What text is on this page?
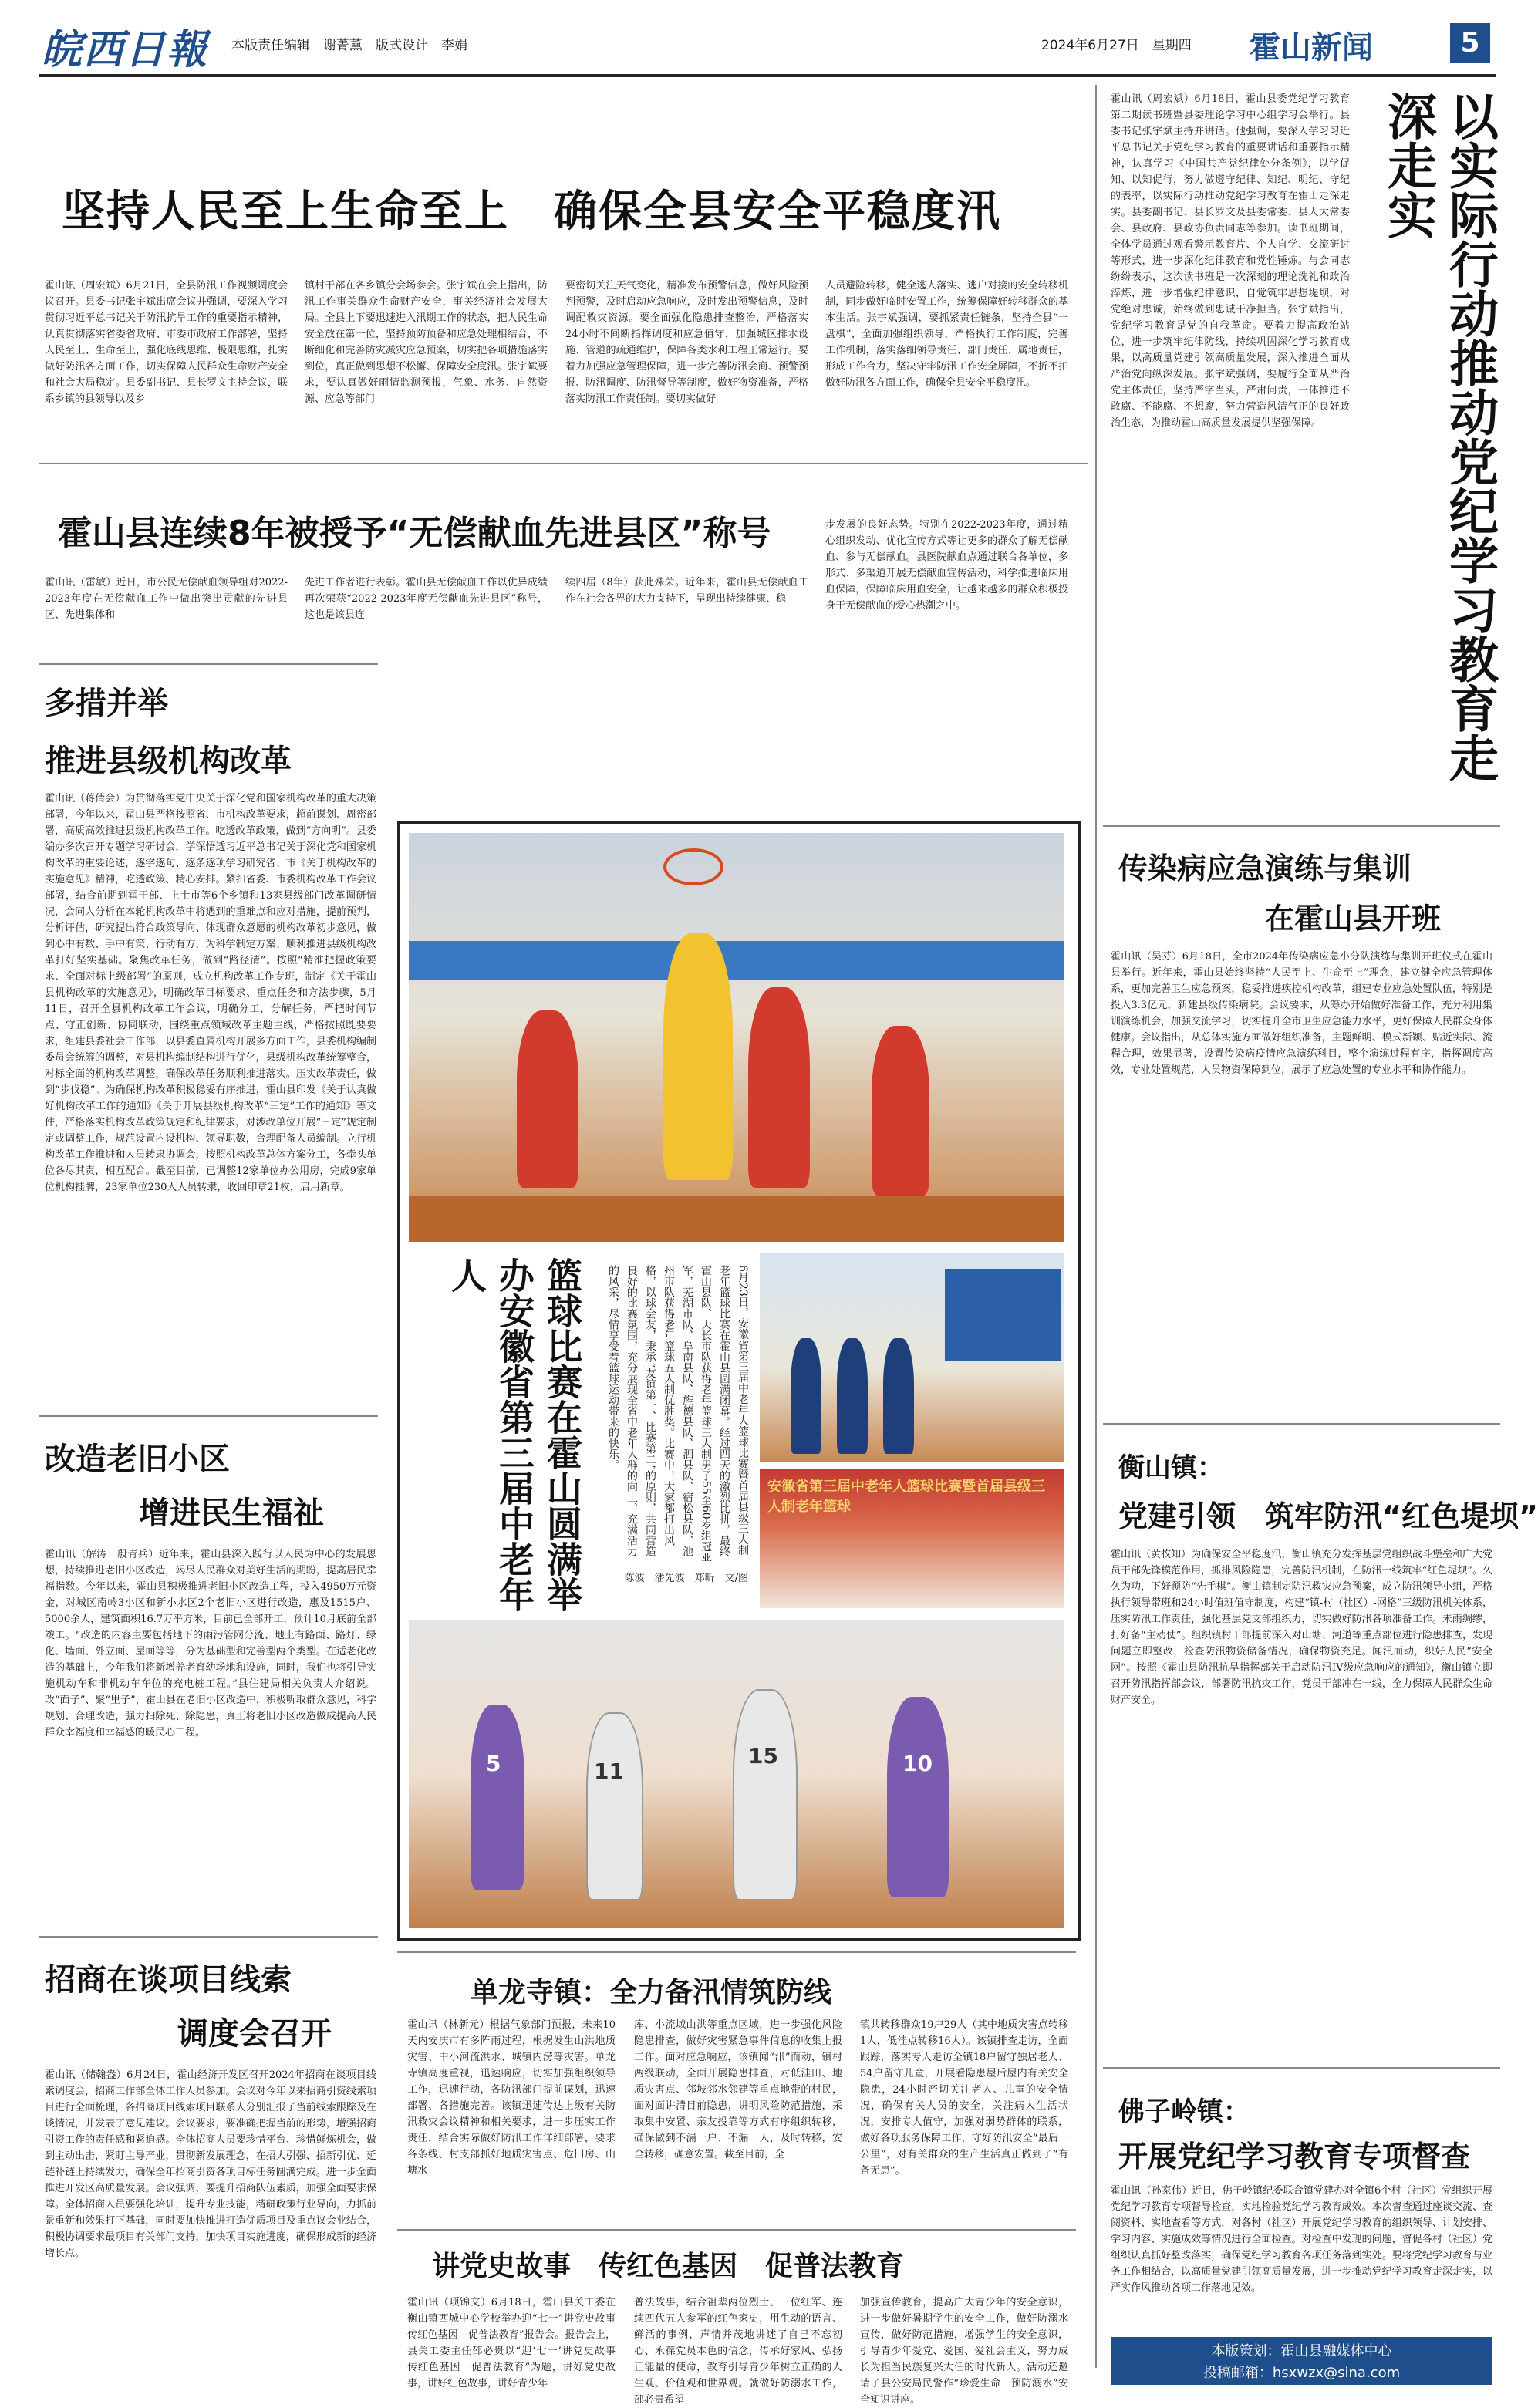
皖西日報 本版责任编辑　谢菁薰　版式设计　李娟	2024年6月27日　星期四 霍山新闻	5
坚持人民至上生命至上　确保全县安全平稳度汛
霍山讯（周宏斌）6月21日，全县防汛工作视频调度会议召开。县委书记张宇斌出席会议并强调，要深入学习贯彻习近平总书记关于防汛抗旱工作的重要指示精神，认真贯彻落实省委省政府、市委市政府工作部署，坚持人民至上、生命至上，强化底线思维、极限思维，扎实做好防汛各方面工作，切实保障人民群众生命财产安全和社会大局稳定。县委副书记、县长罗文主持会议，联系乡镇的县领导以及乡
镇村干部在各乡镇分会场参会。张宇斌在会上指出，防汛工作事关群众生命财产安全，事关经济社会发展大局。全县上下要迅速进入汛期工作的状态，把人民生命安全放在第一位，坚持预防预备和应急处理相结合，不断细化和完善防灾减灾应急预案，切实把各项措施落实到位，真正做到思想不松懈、保障安全度汛。张宇斌要求，要认真做好雨情监测预报，气象、水务、自然资源、应急等部门
要密切关注天气变化，精准发布预警信息，做好风险预判预警，及时启动应急响应，及时发出预警信息，及时调配救灾资源。要全面强化隐患排查整治，严格落实24小时不间断指挥调度和应急值守，加强城区排水设施、管道的疏通维护，保障各类水利工程正常运行。要着力加强应急管理保障，进一步完善防汛会商、预警预报、防汛调度、防汛督导等制度，做好物资准备，严格落实防汛工作责任制。要切实做好
人员避险转移，健全逃人落实、逃户对接的安全转移机制，同步做好临时安置工作，统筹保障好转移群众的基本生活。张宇斌强调，要抓紧责任链条，坚持全县“一盘棋”，全面加强组织领导，严格执行工作制度，完善工作机制，落实落细领导责任、部门责任、属地责任，形成工作合力，坚决守牢防汛工作安全屏障，不折不扣做好防汛各方面工作，确保全县安全平稳度汛。
霍山县连续8年被授予“无偿献血先进县区”称号
霍山讯（雷敏）近日，市公民无偿献血领导组对2022-2023年度在无偿献血工作中做出突出贡献的先进县区、先进集体和
先进工作者进行表彰。霍山县无偿献血工作以优异成绩再次荣获“2022-2023年度无偿献血先进县区”称号，这也是该县连
续四届（8年）获此殊荣。近年来，霍山县无偿献血工作在社会各界的大力支持下，呈现出持续健康、稳
步发展的良好态势。特别在2022-2023年度，通过精心组织发动、优化宣传方式等让更多的群众了解无偿献血、参与无偿献血。县医院献血点通过联合各单位，多形式、多渠道开展无偿献血宣传活动，科学推进临床用血保障，保障临床用血安全，让越来越多的群众积极投身于无偿献血的爱心热潮之中。
多措并举
推进县级机构改革
霍山讯（蒋倩会）为贯彻落实党中央关于深化党和国家机构改革的重大决策部署，今年以来，霍山县严格按照省、市机构改革要求，超前谋划、周密部署，高质高效推进县级机构改革工作。吃透改革政策，做到“方向明”。县委编办多次召开专题学习研讨会，学深悟透习近平总书记关于深化党和国家机构改革的重要论述，逐字逐句、逐条逐项学习研究省、市《关于机构改革的实施意见》精神，吃透政策、精心安排。紧扣省委、市委机构改革工作会议部署，结合前期到霍干部、上士市等6个乡镇和13家县级部门改革调研情况，会同人分析在本轮机构改革中将遇到的重难点和应对措施，提前预判，分析评估，研究提出符合政策导向、体现群众意愿的机构改革初步意见，做到心中有数、手中有策、行动有方，为科学制定方案、顺利推进县级机构改革打好坚实基础。聚焦改革任务，做到“路径清”。按照“精准把握政策要求、全面对标上级部署”的原则，成立机构改革工作专班，制定《关于霍山县机构改革的实施意见》，明确改革目标要求、重点任务和方法步骤，5月11日，召开全县机构改革工作会议，明确分工，分解任务，严把时间节点、守正创新、协同联动，围绕重点领域改革主题主线，严格按照既要要求，组建县委社会工作部，以县委直属机构开展多方面工作，县委机构编制委员会统筹的调整，对县机构编制结构进行优化，县级机构改革统筹整合，对标全面的机构改革调整，确保改革任务顺利推进落实。压实改革责任，做到“步伐稳”。为确保机构改革积极稳妥有序推进，霍山县印发《关于认真做好机构改革工作的通知》《关于开展县级机构改革“三定”工作的通知》等文件，严格落实机构改革政策规定和纪律要求，对涉改单位开展“三定”规定制定或调整工作，规范设置内设机构、领导职数，合理配备人员编制。立行机构改革工作推进和人员转隶协调会，按照机构改革总体方案分工，各牵头单位各尽其责，相互配合。截至目前，已调整12家单位办公用房，完成9家单位机构挂牌，23家单位230人人员转隶，收回印章21枚，启用新章。
改造老旧小区
增进民生福祉
霍山讯（解涛　殷青兵）近年来，霍山县深入践行以人民为中心的发展思想，持续推进老旧小区改造，竭尽人民群众对美好生活的期盼，提高居民幸福指数。今年以来，霍山县积极推进老旧小区改造工程，投入4950万元资金，对城区南岭3小区和新小水区2个老旧小区进行改造，惠及1515户、5000余人，建筑面积16.7万平方米，目前已全部开工，预计10月底前全部竣工。“改造的内容主要包括地下的雨污管网分流、地上有路面、路灯、绿化、墙面、外立面、屋面等等，分为基础型和完善型两个类型。在适老化改造的基础上，今年我们将新增养老育幼场地和设施，同时，我们也将引导实施机动车和非机动车车位的充电桩工程。”县住建局相关负责人介绍说。改“面子”、聚“里子”，霍山县在老旧小区改造中，积极听取群众意见，科学规划、合理改造，强力扫除死、除隐患，真正将老旧小区改造做成提高人民群众幸福度和幸福感的暖民心工程。
招商在谈项目线索
调度会召开
霍山讯（储翰盎）6月24日，霍山经济开发区召开2024年招商在谈项目线索调度会，招商工作部全体工作人员参加。会议对今年以来招商引资线索项目进行全面梳理，各招商项目线索项目联系人分别汇报了当前线索跟踪及在谈情况，并发表了意见建议。会议要求，要准确把握当前的形势，增强招商引资工作的责任感和紧迫感。全体招商人员要珍惜平台、珍惜鲜炼机会，做到主动出击，紧盯主导产业，贯彻新发展理念，在招大引强、招新引优、延链补链上持续发力，确保全年招商引资各项目标任务圆满完成。进一步全面推进开发区高质量发展。会议强调，要提升招商队伍素质，加强全面要求保障。全体招商人员要强化培训，提升专业技能，精研政策行业导向，力抓前景重新和效果打下基础，同时要加快推进打造优质项目及重点议会业结合，积极协调要求最项目有关部门支持，加快项目实施进度，确保形成新的经济增长点。
篮球比赛在霍山圆满举办安徽省第三届中老年人	6月23日，安徽省第三届中老年人篮球比赛暨首届县级三人制老年篮球比赛在霍山县圆满闭幕。经过四天的激烈比拼，最终霍山县队、天长市队获得老年篮球三人制男子55至60岁组冠亚军，芜湖市队、阜南县队、旌德县队、泗县队、宿松县队、池州市队获得老年篮球五人制优胜奖。比赛中，大家都打出风格，以球会友，秉承“友谊第一、比赛第二”的原则，共同营造良好的比赛氛围，充分展现全省中老年人群的向上、充满活力的风采，尽情享受着篮球运动带来的快乐。
陈波　潘先波　郑昕　文/图
安徽省第三届中老年人篮球比赛暨首届县级三人制老年篮球
5	11
15	10
单龙寺镇：全力备汛情筑防线
霍山讯（林新元）根据气象部门预报，未来10天内安庆市有多阵雨过程，根据发生山洪地质灾害、中小河流洪水、城镇内涝等灾害。单龙寺镇高度重视，迅速响应，切实加强组织领导工作，迅速行动，各防汛部门提前谋划，迅速部署、各措施完善。该镇迅速传达上级有关防汛救灾会议精神和相关要求，进一步压实工作责任，结合实际做好防汛工作详细部署，要求各条线、村支部抓好地质灾害点、危旧房、山塘水
库、小流域山洪等重点区域，进一步强化风险隐患排查，做好灾害紧急事件信息的收集上报工作。面对应急响应，该镇闻“汛”而动，镇村两级联动，全面开展隐患排查，对低洼田、地质灾害点、邻坡邻水邻建等重点地带的村民，面对面讲清目前隐患，讲明风险防范措施，采取集中安置、亲友投靠等方式有序组织转移，确保做到不漏一户、不漏一人，及时转移，安全转移，确意安置。截至目前，全
镇共转移群众19户29人（其中地质灾害点转移1人，低洼点转移16人）。该镇排查走访，全面跟踪，落实专人走访全镇18户留守独居老人、54户留守儿童，开展看隐患屋后屋内有关安全隐患，24小时密切关注老人、儿童的安全情况，确保有关人员的安全，关注病人生活状况，安排专人值守，加强对弱势群体的联系，做好各项服务保障工作，守好防汛安全“最后一公里”，对有关群众的生产生活真正做到了“有备无患”。
讲党史故事　传红色基因　促普法教育
霍山讯（项锦文）6月18日，霍山县关工委在衡山镇西城中心学校举办迎“七一”讲党史故事　传红色基因　促普法教育”报告会。报告会上，县关工委主任邵必贵以“迎‘七一’讲党史故事　传红色基因　促普法教育”为题，讲好党史故事，讲好红色故事，讲好青少年
普法故事，结合祖辈两位烈士、三位红军、连续四代五人参军的红色家史，用生动的语言、鲜活的事例，声情并茂地讲述了自己不忘初心、永葆党员本色的信念，传承好家风、弘扬正能量的使命，教育引导青少年树立正确的人生观、价值观和世界观。就做好防溺水工作，邵必贵希望
加强宣传教育，提高广大青少年的安全意识，进一步做好暑期学生的安全工作，做好防溺水宣传，做好防范措施，增强学生的安全意识，引导青少年爱党、爱国、爱社会主义，努力成长为担当民族复兴大任的时代新人。活动还邀请了县公安局民警作“珍爱生命　预防溺水”安全知识讲座。
霍山讯（周宏斌）6月18日，霍山县委党纪学习教育第二期读书班暨县委理论学习中心组学习会举行。县委书记张宇斌主持并讲话。他强调，要深入学习习近平总书记关于党纪学习教育的重要讲话和重要指示精神，认真学习《中国共产党纪律处分条例》，以学促知、以知促行，努力做遵守纪律、知纪、明纪、守纪的表率，以实际行动推动党纪学习教育在霍山走深走实。县委副书记、县长罗文及县委常委、县人大常委会、县政府、县政协负责同志等参加。读书班期间，全体学员通过观看警示教育片、个人自学、交流研讨等形式，进一步深化纪律教育和党性锤炼。与会同志纷纷表示，这次读书班是一次深刻的理论洗礼和政治淬炼，进一步增强纪律意识，自觉筑牢思想堤坝，对党绝对忠诚，始终做到忠诚干净担当。张宇斌指出，党纪学习教育是党的自我革命。要着力提高政治站位，进一步筑牢纪律防线，持续巩固深化学习教育成果，以高质量党建引领高质量发展，深入推进全面从严治党向纵深发展。张宇斌强调，要履行全面从严治党主体责任，坚持严字当头，严肃问责，一体推进不敢腐、不能腐、不想腐，努力营造风清气正的良好政治生态，为推动霍山高质量发展提供坚强保障。	以实际行动推动党纪学习教育走深走实
传染病应急演练与集训
在霍山县开班
霍山讯（吴芬）6月18日，全市2024年传染病应急小分队演练与集训开班仪式在霍山县举行。近年来，霍山县始终坚持“人民至上、生命至上”理念，建立健全应急管理体系，更加完善卫生应急预案，稳妥推进疾控机构改革，组建专业应急处置队伍，特别是投入3.3亿元，新建县级传染病院。会议要求，从筹办开始做好准备工作，充分利用集训演练机会，加强交流学习，切实提升全市卫生应急能力水平，更好保障人民群众身体健康。会议指出，从总体实施方面做好组织准备，主题鲜明、模式新颖、贴近实际、流程合理，效果显著，设置传染病疫情应急演练科目，整个演练过程有序，指挥调度高效，专业处置规范，人员物资保障到位，展示了应急处置的专业水平和协作能力。
衡山镇：
党建引领　筑牢防汛“红色堤坝”
霍山讯（黄牧知）为确保安全平稳度汛，衡山镇充分发挥基层党组织战斗堡垒和广大党员干部先锋模范作用，抓排风险隐患，完善防汛机制，在防汛一线筑牢“红色堤坝”。久久为功，下好预防“先手棋”。衡山镇制定防汛救灾应急预案，成立防汛领导小组，严格执行领导带班和24小时值班值守制度，构建“镇-村（社区）-网格”三级防汛机关体系，压实防汛工作责任，强化基层党支部组织力，切实做好防汛各项准备工作。未雨绸缪，打好备“主动仗”。组织镇村干部提前深入对山塘、河道等重点部位进行隐患排查，发现问题立即整改，检查防汛物资储备情况，确保物资充足。闻汛而动，织好人民“安全网”。按照《霍山县防汛抗旱指挥部关于启动防汛IV级应急响应的通知》，衡山镇立即召开防汛指挥部会议，部署防汛抗灾工作，党员干部冲在一线，全力保障人民群众生命财产安全。
佛子岭镇：
开展党纪学习教育专项督查
霍山讯（孙家伟）近日，佛子岭镇纪委联合镇党建办对全镇6个村（社区）党组织开展党纪学习教育专项督导检查，实地检验党纪学习教育成效。本次督查通过座谈交流、查阅资料、实地查看等方式，对各村（社区）开展党纪学习教育的组织领导、计划安排、学习内容、实施成效等情况进行全面检查。对检查中发现的问题，督促各村（社区）党组织认真抓好整改落实，确保党纪学习教育各项任务落到实处。要将党纪学习教育与业务工作相结合，以高质量党建引领高质量发展，进一步推动党纪学习教育走深走实，以严实作风推动各项工作落地见效。
本版策划：霍山县融媒体中心
投稿邮箱：hsxwzx@sina.com
